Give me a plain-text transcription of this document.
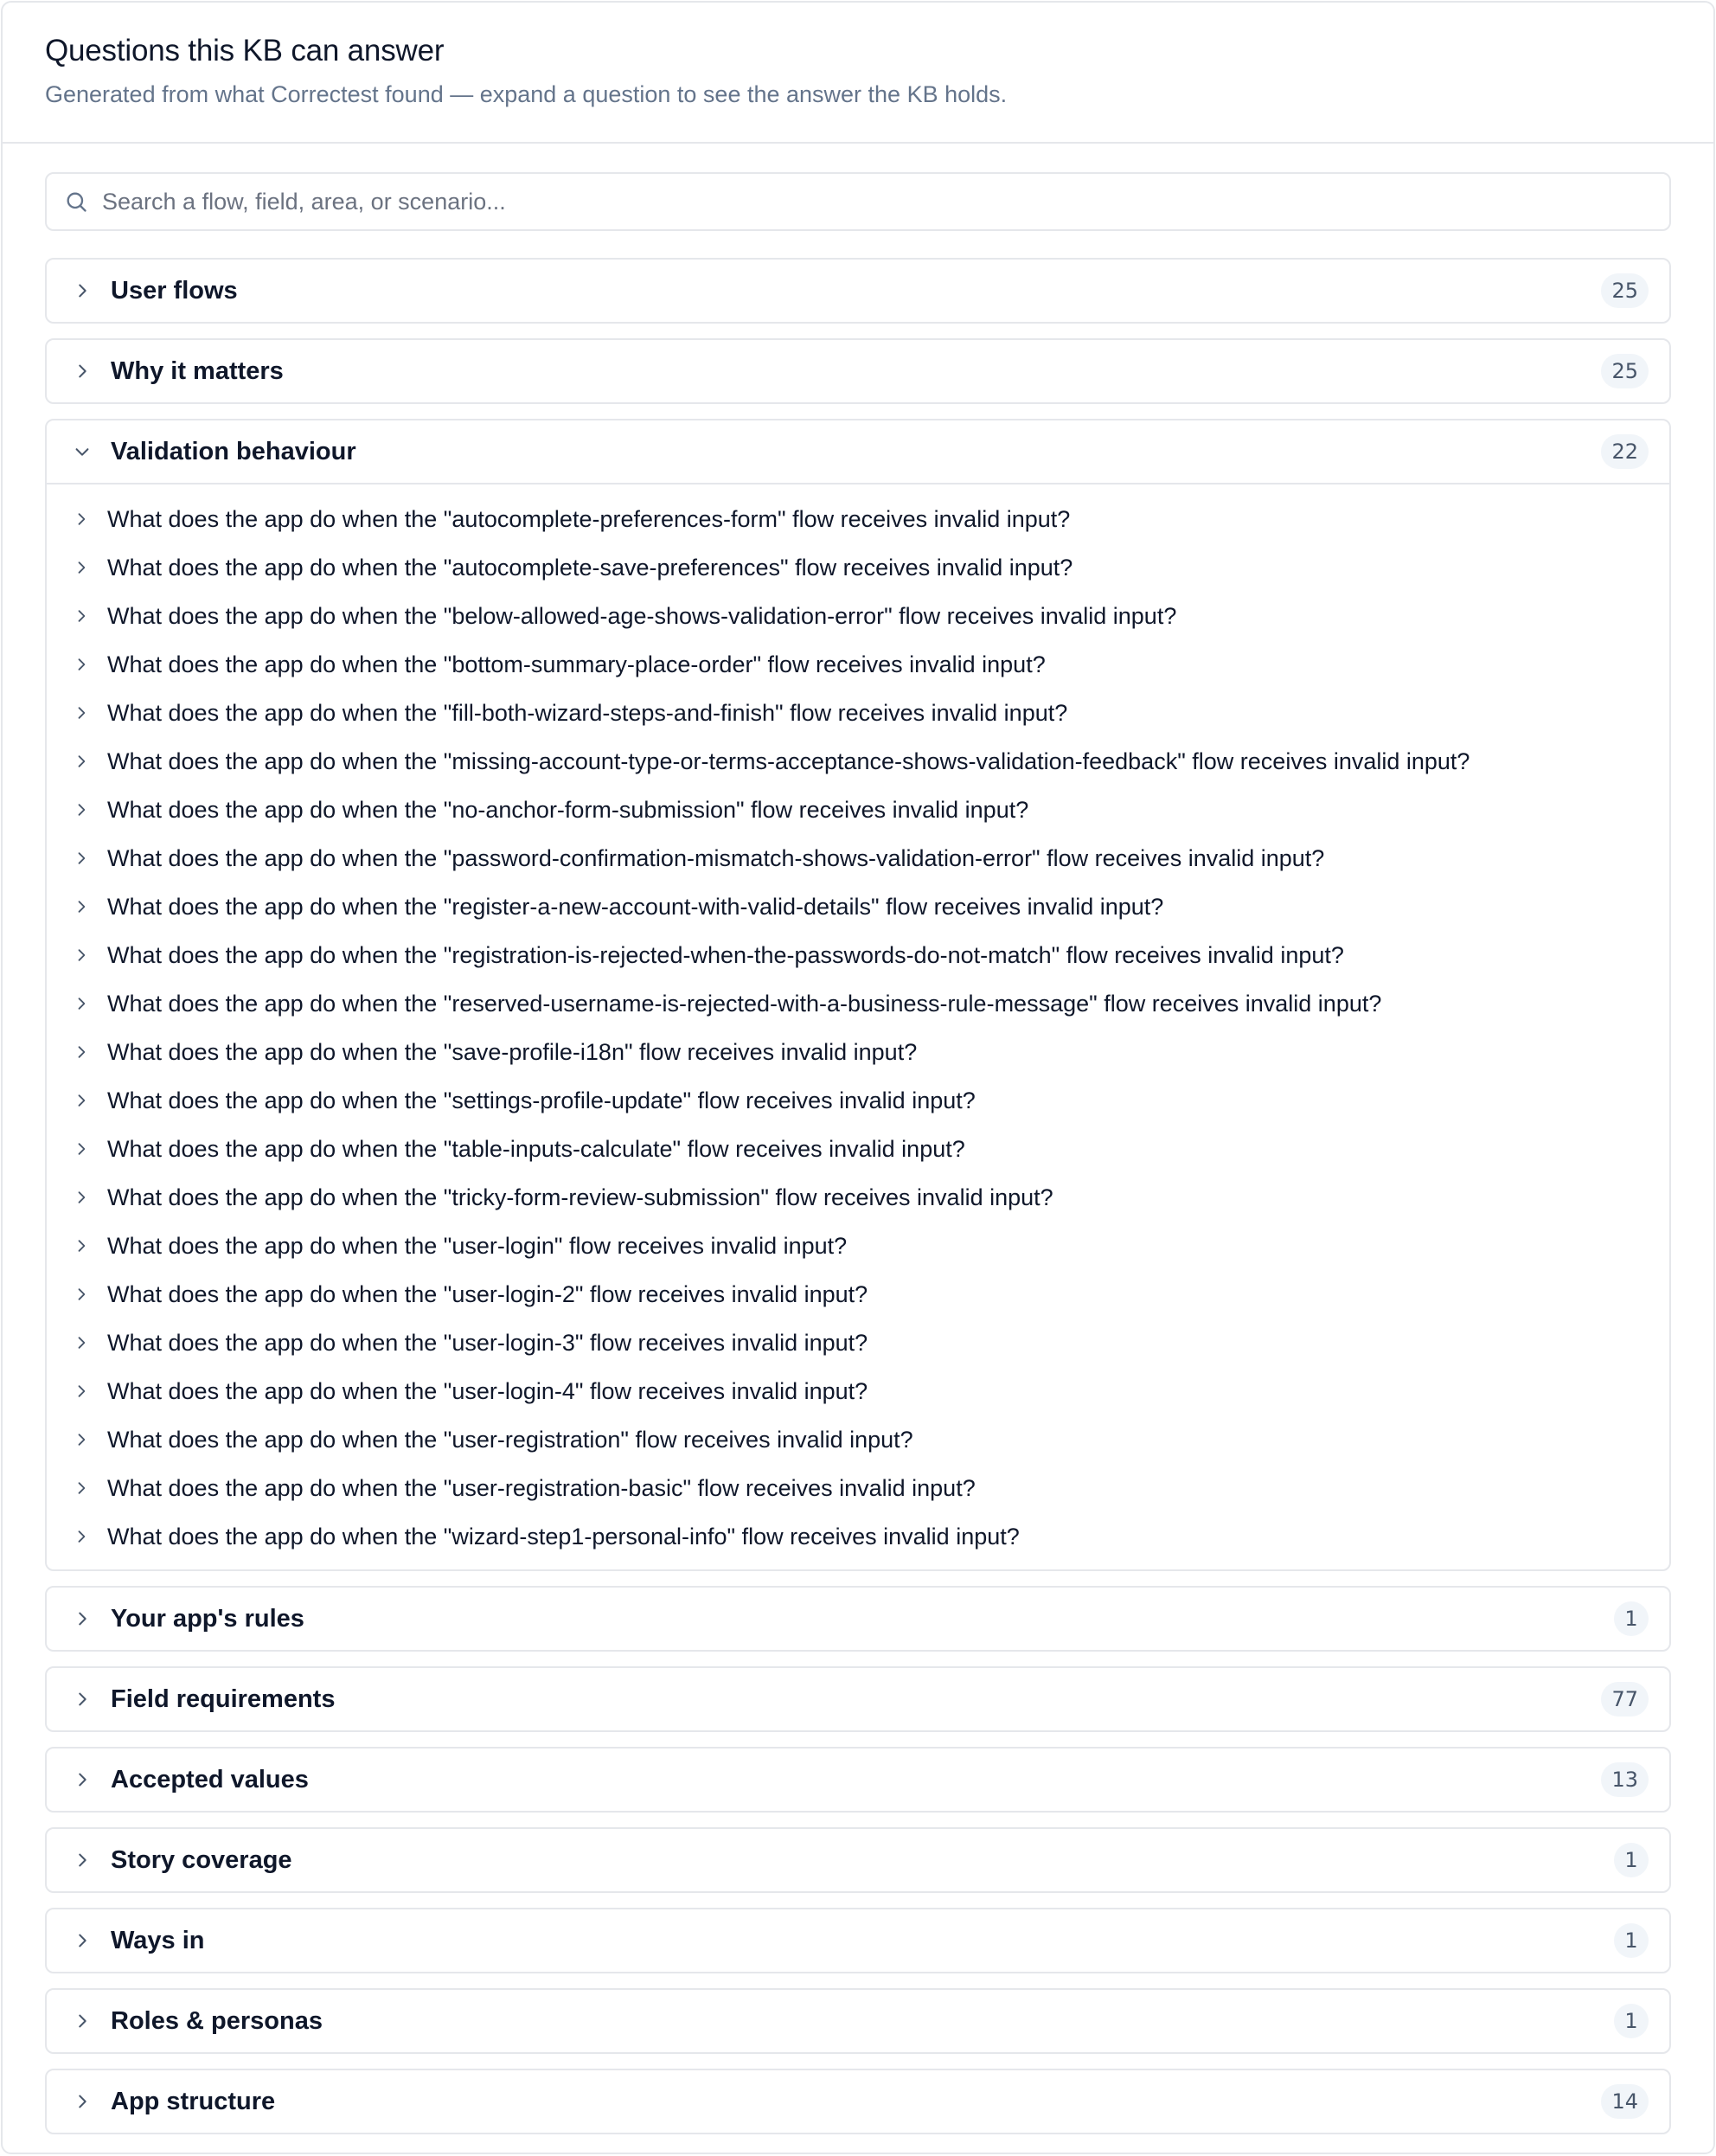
Questions this KB can answer
Generated from what Correctest found — expand a question to see the answer the KB holds.
Search a flow, field, area, or scenario...
User flows	25
Why it matters	25
Validation behaviour	22
What does the app do when the "autocomplete-preferences-form" flow receives invalid input?
What does the app do when the "autocomplete-save-preferences" flow receives invalid input?
What does the app do when the "below-allowed-age-shows-validation-error" flow receives invalid input?
What does the app do when the "bottom-summary-place-order" flow receives invalid input?
What does the app do when the "fill-both-wizard-steps-and-finish" flow receives invalid input?
What does the app do when the "missing-account-type-or-terms-acceptance-shows-validation-feedback" flow receives invalid input?
What does the app do when the "no-anchor-form-submission" flow receives invalid input?
What does the app do when the "password-confirmation-mismatch-shows-validation-error" flow receives invalid input?
What does the app do when the "register-a-new-account-with-valid-details" flow receives invalid input?
What does the app do when the "registration-is-rejected-when-the-passwords-do-not-match" flow receives invalid input?
What does the app do when the "reserved-username-is-rejected-with-a-business-rule-message" flow receives invalid input?
What does the app do when the "save-profile-i18n" flow receives invalid input?
What does the app do when the "settings-profile-update" flow receives invalid input?
What does the app do when the "table-inputs-calculate" flow receives invalid input?
What does the app do when the "tricky-form-review-submission" flow receives invalid input?
What does the app do when the "user-login" flow receives invalid input?
What does the app do when the "user-login-2" flow receives invalid input?
What does the app do when the "user-login-3" flow receives invalid input?
What does the app do when the "user-login-4" flow receives invalid input?
What does the app do when the "user-registration" flow receives invalid input?
What does the app do when the "user-registration-basic" flow receives invalid input?
What does the app do when the "wizard-step1-personal-info" flow receives invalid input?
Your app's rules	1
Field requirements	77
Accepted values	13
Story coverage	1
Ways in	1
Roles & personas	1
App structure	14
